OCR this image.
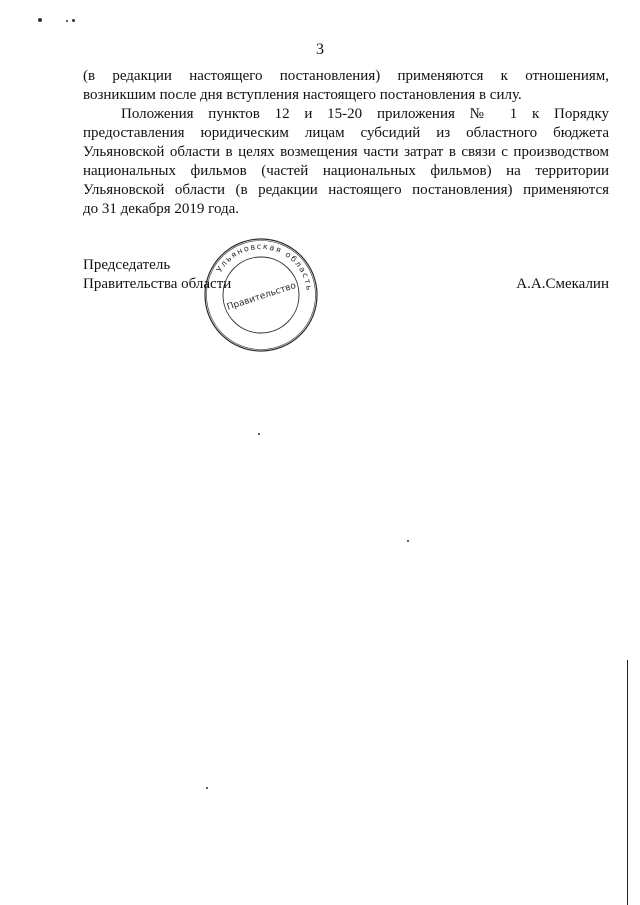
3
(в редакции настоящего постановления) применяются к отношениям,
возникшим после дня вступления настоящего постановления в силу.
Положения пунктов 12 и 15-20 приложения № 1 к Порядку
предоставления юридическим лицам субсидий из областного бюджета
Ульяновской области в целях возмещения части затрат в связи с производством
национальных фильмов (частей национальных фильмов) на территории
Ульяновской области (в редакции настоящего постановления) применяются
до 31 декабря 2019 года.
Ульяновская область
Правительство
Председатель
Правительства области	А.А.Смекалин
